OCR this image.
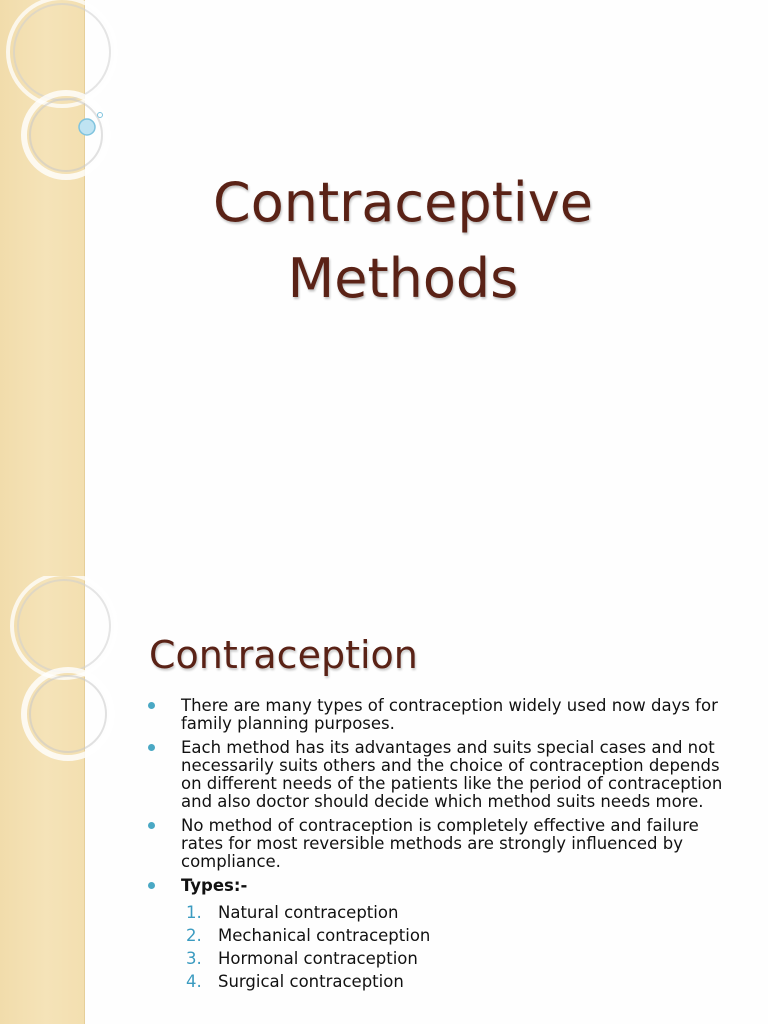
Contraceptive
Methods
Contraception
There are many types of contraception widely used now days for family planning purposes.
Each method has its advantages and suits special cases and not necessarily suits others and the choice of contraception depends on different needs of the patients like the period of contraception and also doctor should decide which method suits needs more.
No method of contraception is completely effective and failure rates for most reversible methods are strongly influenced by compliance.
Types:-
1. Natural contraception
2. Mechanical contraception
3. Hormonal contraception
4. Surgical contraception
